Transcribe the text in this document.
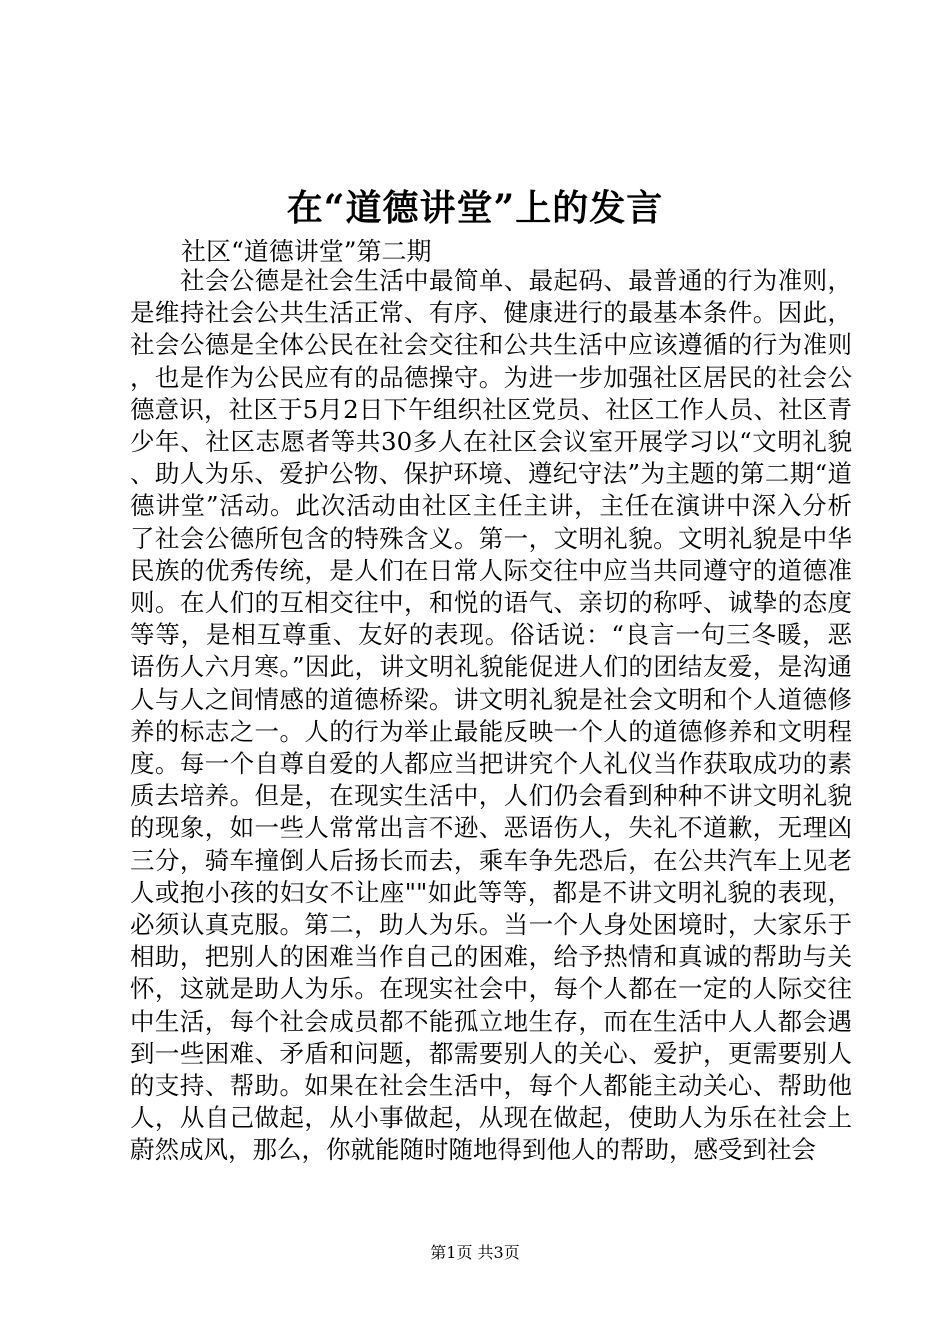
在“道德讲堂”上的发言
社区“道德讲堂”第二期

社会公德是社会生活中最简单、最起码、最普通的行为准则，是维持社会公共生活正常、有序、健康进行的最基本条件。因此，社会公德是全体公民在社会交往和公共生活中应该遵循的行为准则，也是作为公民应有的品德操守。为进一步加强社区居民的社会公德意识，社区于5月2日下午组织社区党员、社区工作人员、社区青少年、社区志愿者等共30多人在社区会议室开展学习以“文明礼貌、助人为乐、爱护公物、保护环境、遵纪守法”为主题的第二期“道德讲堂”活动。此次活动由社区主任主讲，主任在演讲中深入分析了社会公德所包含的特殊含义。第一，文明礼貌。文明礼貌是中华民族的优秀传统，是人们在日常人际交往中应当共同遵守的道德准则。在人们的互相交往中，和悦的语气、亲切的称呼、诚挚的态度等等，是相互尊重、友好的表现。俗话说：“良言一句三冬暖，恶语伤人六月寒。”因此，讲文明礼貌能促进人们的团结友爱，是沟通人与人之间情感的道德桥梁。讲文明礼貌是社会文明和个人道德修养的标志之一。人的行为举止最能反映一个人的道德修养和文明程度。每一个自尊自爱的人都应当把讲究个人礼仪当作获取成功的素质去培养。但是，在现实生活中，人们仍会看到种种不讲文明礼貌的现象，如一些人常常出言不逊、恶语伤人，失礼不道歉，无理凶三分，骑车撞倒人后扬长而去，乘车争先恐后，在公共汽车上见老人或抱小孩的妇女不让座""如此等等，都是不讲文明礼貌的表现，必须认真克服。第二，助人为乐。当一个人身处困境时，大家乐于相助，把别人的困难当作自己的困难，给予热情和真诚的帮助与关怀，这就是助人为乐。在现实社会中，每个人都在一定的人际交往中生活，每个社会成员都不能孤立地生存，而在生活中人人都会遇到一些困难、矛盾和问题，都需要别人的关心、爱护，更需要别人的支持、帮助。如果在社会生活中，每个人都能主动关心、帮助他人，从自己做起，从小事做起，从现在做起，使助人为乐在社会上蔚然成风，那么，你就能随时随地得到他人的帮助，感受到社会

第1页 共3页
